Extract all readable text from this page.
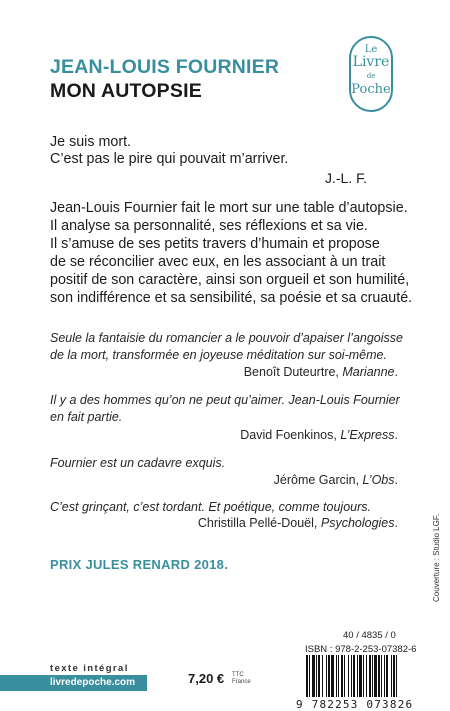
JEAN-LOUIS FOURNIER
MON AUTOPSIE
Le
Livre
de
Poche
Je suis mort.
C’est pas le pire qui pouvait m’arriver.
J.-L. F.
Jean-Louis Fournier fait le mort sur une table d’autopsie.
Il analyse sa personnalité, ses réflexions et sa vie.
Il s’amuse de ses petits travers d’humain et propose
de se réconcilier avec eux, en les associant à un trait
positif de son caractère, ainsi son orgueil et son humilité,
son indifférence et sa sensibilité, sa poésie et sa cruauté.
Seule la fantaisie du romancier a le pouvoir d’apaiser l’angoisse
de la mort, transformée en joyeuse méditation sur soi-même.
Benoît Duteurtre, Marianne.
Il y a des hommes qu’on ne peut qu’aimer. Jean-Louis Fournier
en fait partie.
David Foenkinos, L’Express.
Fournier est un cadavre exquis.
Jérôme Garcin, L’Obs.
C’est grinçant, c’est tordant. Et poétique, comme toujours.
Christilla Pellé-Douël, Psychologies.
PRIX JULES RENARD 2018.
40 / 4835 / 0
ISBN : 978-2-253-07382-6
Couverture : Studio LGF.
texte intégral
livredepoche.com	7,20 € TTC
France
9 782253 073826
